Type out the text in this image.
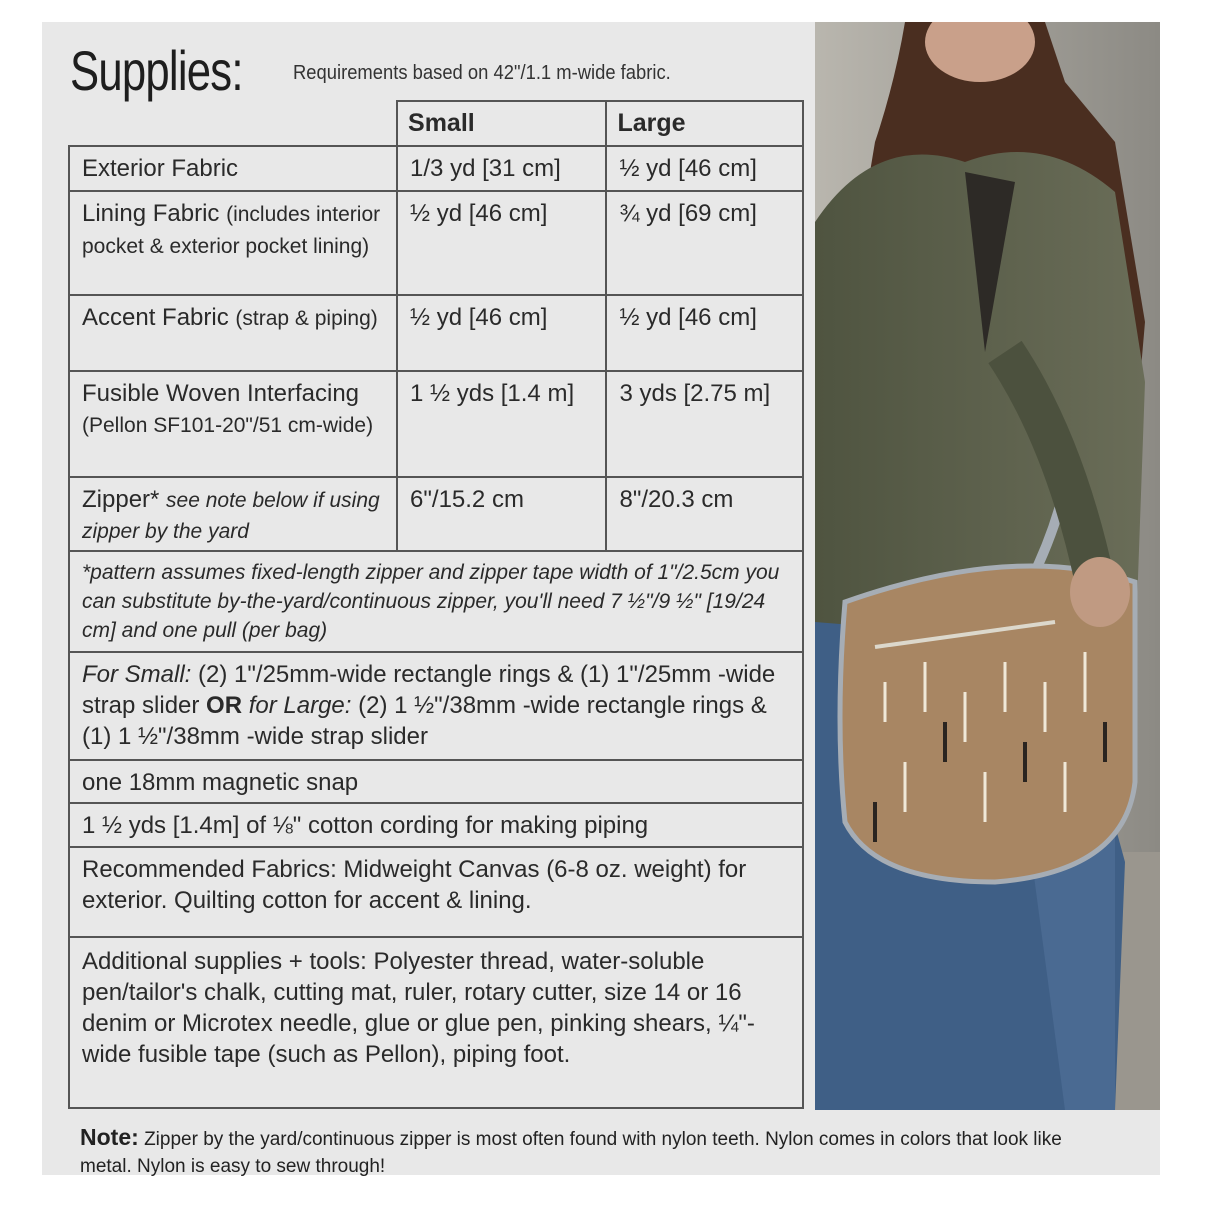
Supplies:	Requirements based on 42"/1.1 m-wide fabric.
	Small	Large
Exterior Fabric	1/3 yd [31 cm]	½ yd [46 cm]
Lining Fabric (includes interior pocket & exterior pocket lining)	½ yd [46 cm]	¾ yd [69 cm]
Accent Fabric (strap & piping)	½ yd [46 cm]	½ yd [46 cm]
Fusible Woven Interfacing (Pellon SF101-20"/51 cm-wide)	1 ½ yds [1.4 m]	3 yds [2.75 m]
Zipper* see note below if using zipper by the yard	6"/15.2 cm	8"/20.3 cm
*pattern assumes fixed-length zipper and zipper tape width of 1"/2.5cm you can substitute by-the-yard/continuous zipper, you'll need 7 ½"/9 ½" [19/24 cm] and one pull (per bag)		
For Small: (2) 1"/25mm-wide rectangle rings & (1) 1"/25mm -wide strap slider OR for Large: (2) 1 ½"/38mm -wide rectangle rings & (1) 1 ½"/38mm -wide strap slider		
one 18mm magnetic snap		
1 ½ yds [1.4m] of ⅛" cotton cording for making piping		
Recommended Fabrics: Midweight Canvas (6-8 oz. weight) for exterior. Quilting cotton for accent & lining.		
Additional supplies + tools: Polyester thread, water-soluble pen/tailor's chalk, cutting mat, ruler, rotary cutter, size 14 or 16 denim or Microtex needle, glue or glue pen, pinking shears, ¼"-wide fusible tape (such as Pellon), piping foot.		
Note: Zipper by the yard/continuous zipper is most often found with nylon teeth. Nylon comes in colors that look like metal. Nylon is easy to sew through!
